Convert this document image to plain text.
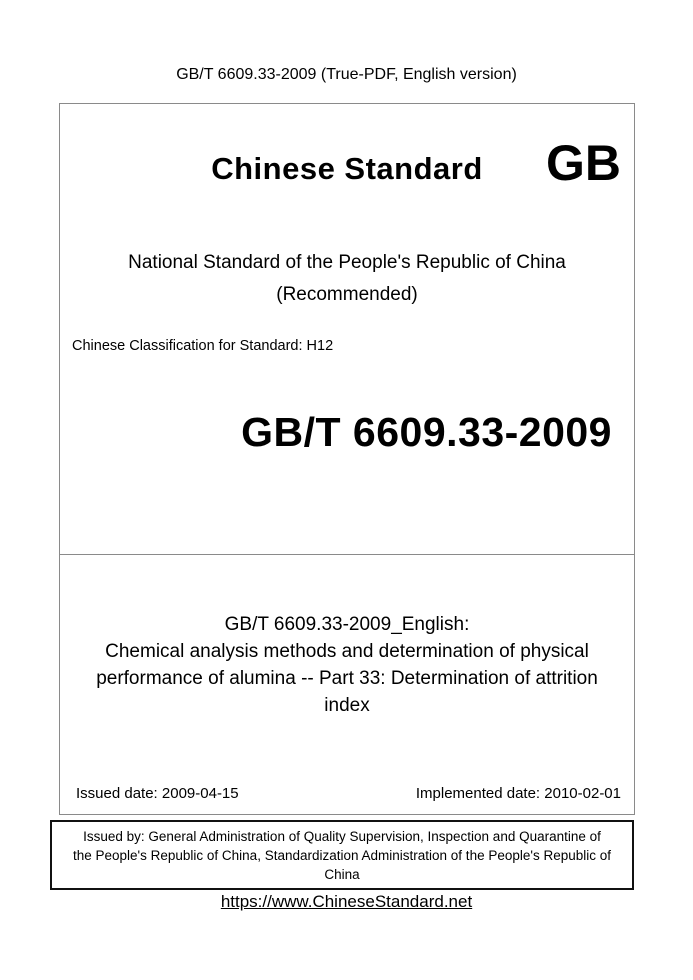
GB/T 6609.33-2009 (True-PDF, English version)
Chinese Standard	GB
National Standard of the People's Republic of China
(Recommended)
Chinese Classification for Standard: H12
GB/T 6609.33-2009
GB/T 6609.33-2009_English:
Chemical analysis methods and determination of physical
performance of alumina -- Part 33: Determination of attrition
index
Issued date: 2009-04-15	Implemented date: 2010-02-01
Issued by: General Administration of Quality Supervision, Inspection and Quarantine of
the People's Republic of China, Standardization Administration of the People's Republic of
China
https://www.ChineseStandard.net
